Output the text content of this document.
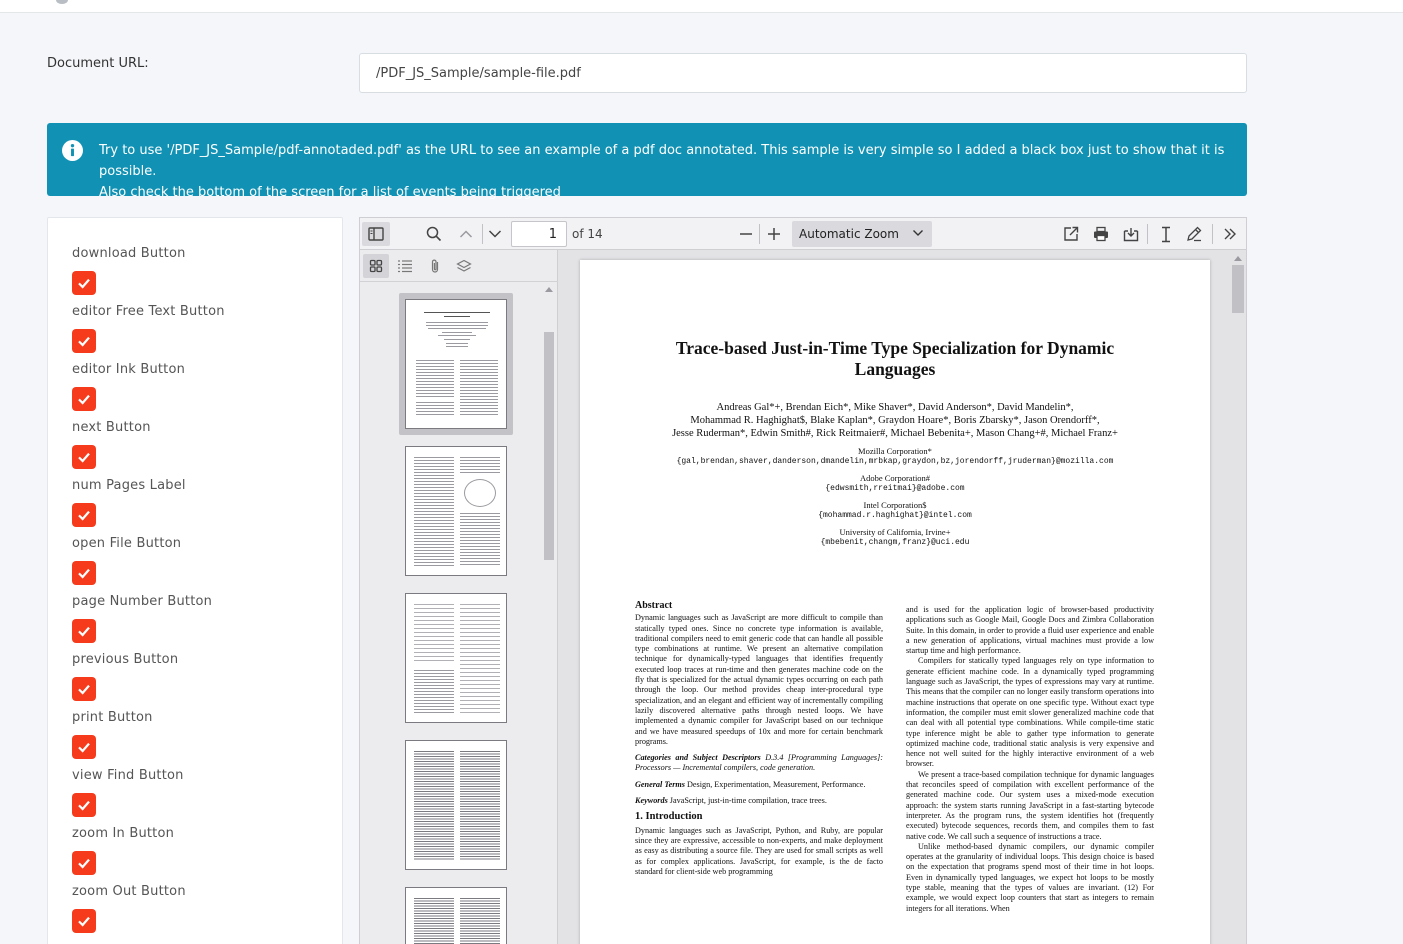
Document URL:
/PDF_JS_Sample/sample-file.pdf
Try to use '/PDF_JS_Sample/pdf-annotaded.pdf' as the URL to see an example of a pdf doc annotated. This sample is very simple so I added a black box just to show that it is possible.
Also check the bottom of the screen for a list of events being triggered
download Button
editor Free Text Button
editor Ink Button
next Button
num Pages Label
open File Button
page Number Button
previous Button
print Button
view Find Button
zoom In Button
zoom Out Button
1
of 14	Automatic Zoom
Trace-based Just-in-Time Type Specialization for Dynamic
Languages
Andreas Gal*+, Brendan Eich*, Mike Shaver*, David Anderson*, David Mandelin*,
Mohammad R. Haghighat$, Blake Kaplan*, Graydon Hoare*, Boris Zbarsky*, Jason Orendorff*,
Jesse Ruderman*, Edwin Smith#, Rick Reitmaier#, Michael Bebenita+, Mason Chang+#, Michael Franz+
Mozilla Corporation*
{gal,brendan,shaver,danderson,dmandelin,mrbkap,graydon,bz,jorendorff,jruderman}@mozilla.com
Adobe Corporation#
{edwsmith,rreitmai}@adobe.com
Intel Corporation$
{mohammad.r.haghighat}@intel.com
University of California, Irvine+
{mbebenit,changm,franz}@uci.edu
Abstract
Dynamic languages such as JavaScript are more difficult to compile than statically typed ones. Since no concrete type information is available, traditional compilers need to emit generic code that can handle all possible type combinations at runtime. We present an alternative compilation technique for dynamically-typed languages that identifies frequently executed loop traces at run-time and then generates machine code on the fly that is specialized for the actual dynamic types occurring on each path through the loop. Our method provides cheap inter-procedural type specialization, and an elegant and efficient way of incrementally compiling lazily discovered alternative paths through nested loops. We have implemented a dynamic compiler for JavaScript based on our technique and we have measured speedups of 10x and more for certain benchmark programs.
Categories and Subject Descriptors D.3.4 [Programming Languages]: Processors — Incremental compilers, code generation.
General Terms Design, Experimentation, Measurement, Performance.
Keywords JavaScript, just-in-time compilation, trace trees.
1. Introduction
Dynamic languages such as JavaScript, Python, and Ruby, are popular since they are expressive, accessible to non-experts, and make deployment as easy as distributing a source file. They are used for small scripts as well as for complex applications. JavaScript, for example, is the de facto standard for client-side web programming
and is used for the application logic of browser-based productivity applications such as Google Mail, Google Docs and Zimbra Collaboration Suite. In this domain, in order to provide a fluid user experience and enable a new generation of applications, virtual machines must provide a low startup time and high performance.
Compilers for statically typed languages rely on type information to generate efficient machine code. In a dynamically typed programming language such as JavaScript, the types of expressions may vary at runtime. This means that the compiler can no longer easily transform operations into machine instructions that operate on one specific type. Without exact type information, the compiler must emit slower generalized machine code that can deal with all potential type combinations. While compile-time static type inference might be able to gather type information to generate optimized machine code, traditional static analysis is very expensive and hence not well suited for the highly interactive environment of a web browser.
We present a trace-based compilation technique for dynamic languages that reconciles speed of compilation with excellent performance of the generated machine code. Our system uses a mixed-mode execution approach: the system starts running JavaScript in a fast-starting bytecode interpreter. As the program runs, the system identifies hot (frequently executed) bytecode sequences, records them, and compiles them to fast native code. We call such a sequence of instructions a trace.
Unlike method-based dynamic compilers, our dynamic compiler operates at the granularity of individual loops. This design choice is based on the expectation that programs spend most of their time in hot loops. Even in dynamically typed languages, we expect hot loops to be mostly type stable, meaning that the types of values are invariant. (12) For example, we would expect loop counters that start as integers to remain integers for all iterations. When
